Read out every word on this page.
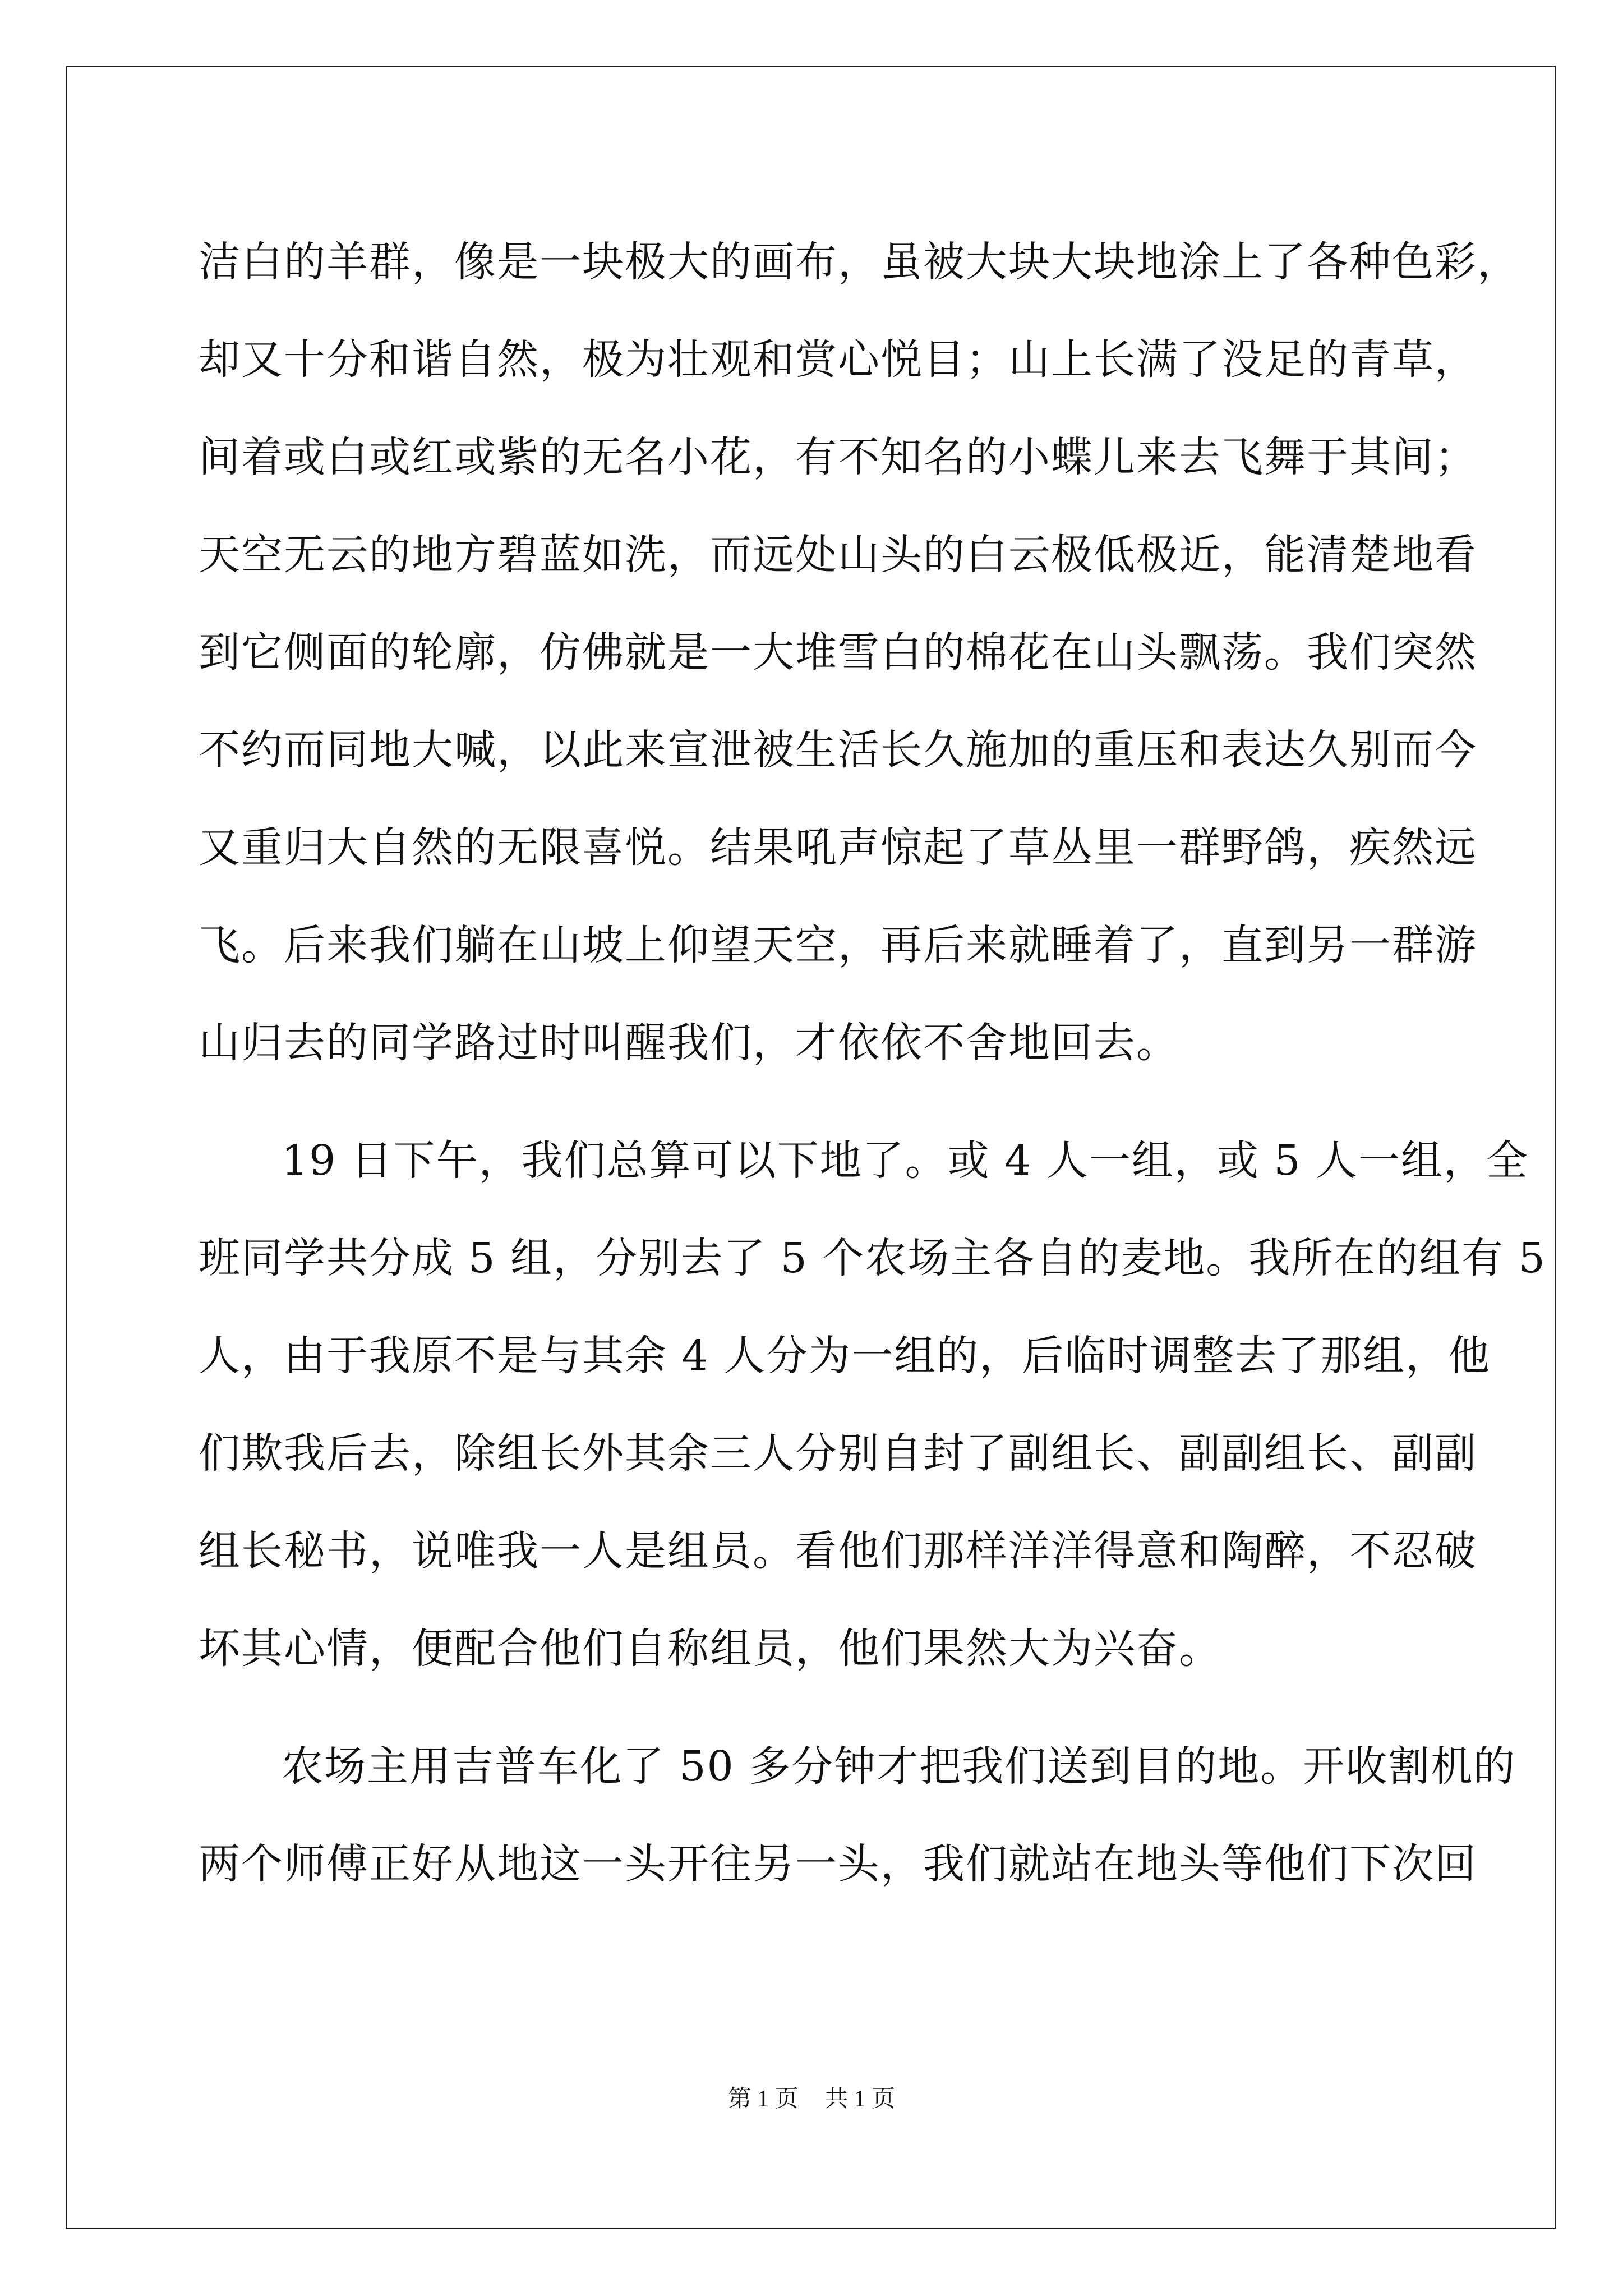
洁白的羊群，像是一块极大的画布，虽被大块大块地涂上了各种色彩，
却又十分和谐自然，极为壮观和赏心悦目；山上长满了没足的青草，
间着或白或红或紫的无名小花，有不知名的小蝶儿来去飞舞于其间；
天空无云的地方碧蓝如洗，而远处山头的白云极低极近，能清楚地看
到它侧面的轮廓，仿佛就是一大堆雪白的棉花在山头飘荡。我们突然
不约而同地大喊，以此来宣泄被生活长久施加的重压和表达久别而今
又重归大自然的无限喜悦。结果吼声惊起了草丛里一群野鸽，疾然远
飞。后来我们躺在山坡上仰望天空，再后来就睡着了，直到另一群游
山归去的同学路过时叫醒我们，才依依不舍地回去。
19 日下午，我们总算可以下地了。或 4 人一组，或 5 人一组，全
班同学共分成 5 组，分别去了 5 个农场主各自的麦地。我所在的组有 5
人，由于我原不是与其余 4 人分为一组的，后临时调整去了那组，他
们欺我后去，除组长外其余三人分别自封了副组长、副副组长、副副
组长秘书，说唯我一人是组员。看他们那样洋洋得意和陶醉，不忍破
坏其心情，便配合他们自称组员，他们果然大为兴奋。
农场主用吉普车化了 50 多分钟才把我们送到目的地。开收割机的
两个师傅正好从地这一头开往另一头，我们就站在地头等他们下次回
第 1 页 共 1 页
